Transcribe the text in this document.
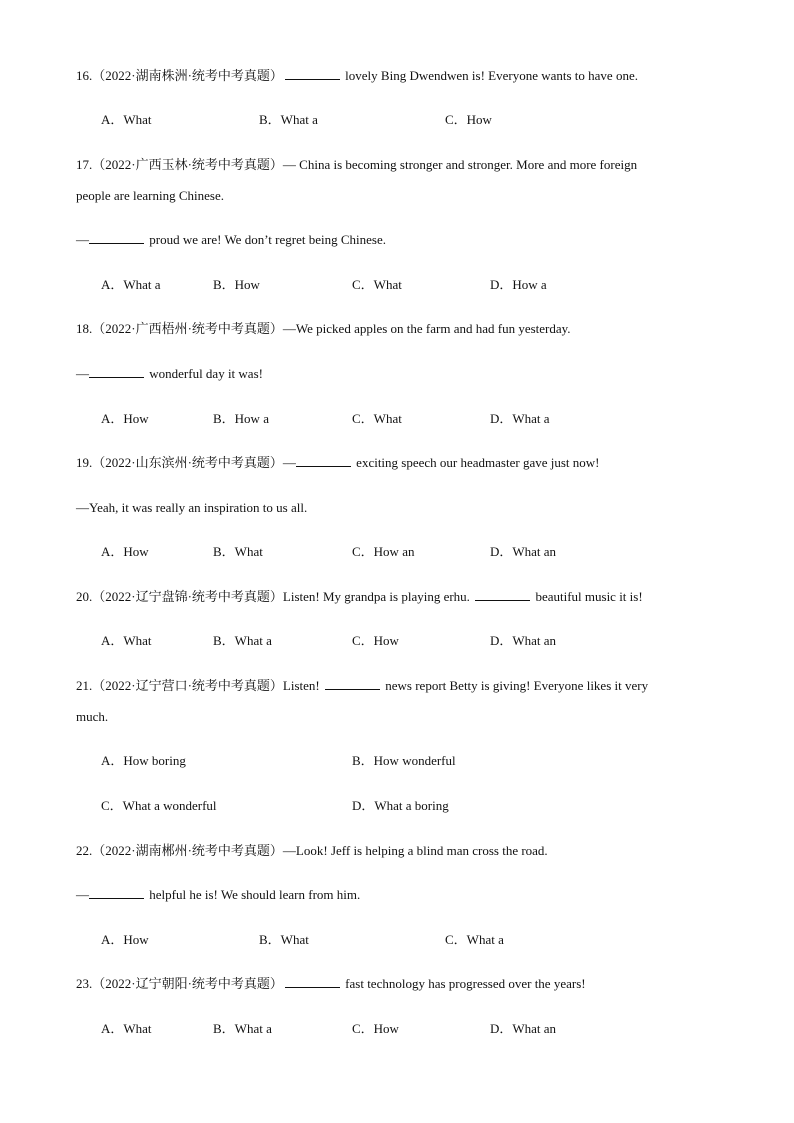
16.（2022·湖南株洲·统考中考真题）	lovely Bing Dwendwen is! Everyone wants to have one.
A．What	B．What a	C．How
17.（2022·广西玉林·统考中考真题）— China is becoming stronger and stronger. More and more foreign
people are learning Chinese.
—	proud we are! We don’t regret being Chinese.
A．What a	B．How	C．What	D．How a
18.（2022·广西梧州·统考中考真题）—We picked apples on the farm and had fun yesterday.
—	wonderful day it was!
A．How	B．How a	C．What	D．What a
19.（2022·山东滨州·统考中考真题）—	exciting speech our headmaster gave just now!
—Yeah, it was really an inspiration to us all.
A．How	B．What	C．How an	D．What an
20.（2022·辽宁盘锦·统考中考真题）Listen! My grandpa is playing erhu.	beautiful music it is!
A．What	B．What a	C．How	D．What an
21.（2022·辽宁营口·统考中考真题）Listen!	news report Betty is giving! Everyone likes it very
much.
A．How boring	B．How wonderful
C．What a wonderful	D．What a boring
22.（2022·湖南郴州·统考中考真题）—Look! Jeff is helping a blind man cross the road.
—	helpful he is! We should learn from him.
A．How	B．What	C．What a
23.（2022·辽宁朝阳·统考中考真题）	fast technology has progressed over the years!
A．What	B．What a	C．How	D．What an
